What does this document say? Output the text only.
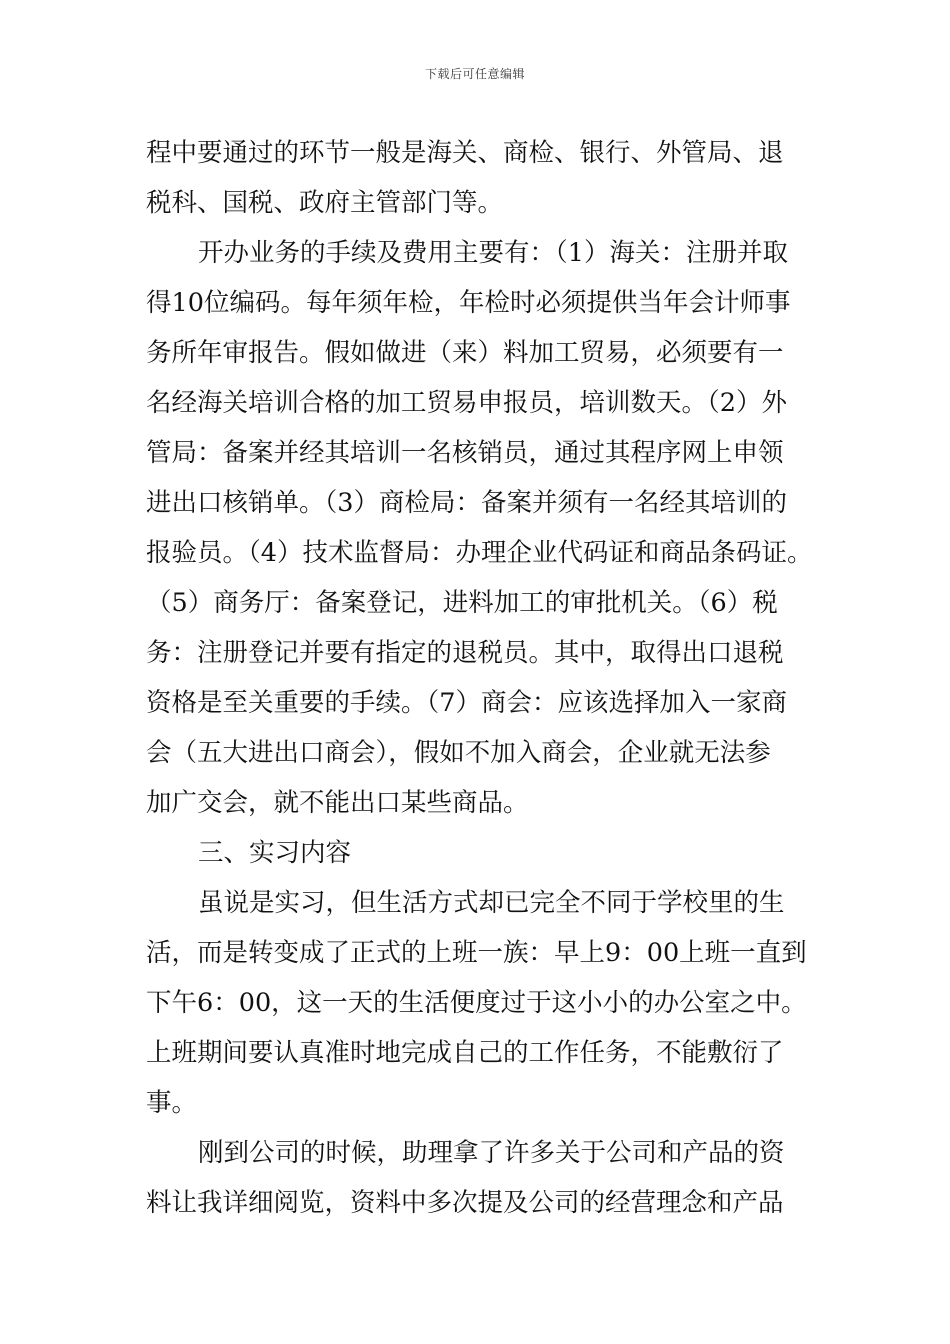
下载后可任意编辑
程中要通过的环节一般是海关、商检、银行、外管局、退
税科、国税、政府主管部门等。
开办业务的手续及费用主要有：（1）海关：注册并取
得10位编码。每年须年检，年检时必须提供当年会计师事
务所年审报告。假如做进（来）料加工贸易，必须要有一
名经海关培训合格的加工贸易申报员，培训数天。（2）外
管局：备案并经其培训一名核销员，通过其程序网上申领
进出口核销单。（3）商检局：备案并须有一名经其培训的
报验员。（4）技术监督局：办理企业代码证和商品条码证。
（5）商务厅：备案登记，进料加工的审批机关。（6）税
务：注册登记并要有指定的退税员。其中，取得出口退税
资格是至关重要的手续。（7）商会：应该选择加入一家商
会（五大进出口商会），假如不加入商会，企业就无法参
加广交会，就不能出口某些商品。
三、实习内容
虽说是实习，但生活方式却已完全不同于学校里的生
活，而是转变成了正式的上班一族：早上9：00上班一直到
下午6：00，这一天的生活便度过于这小小的办公室之中。
上班期间要认真准时地完成自己的工作任务，不能敷衍了
事。
刚到公司的时候，助理拿了许多关于公司和产品的资
料让我详细阅览，资料中多次提及公司的经营理念和产品
